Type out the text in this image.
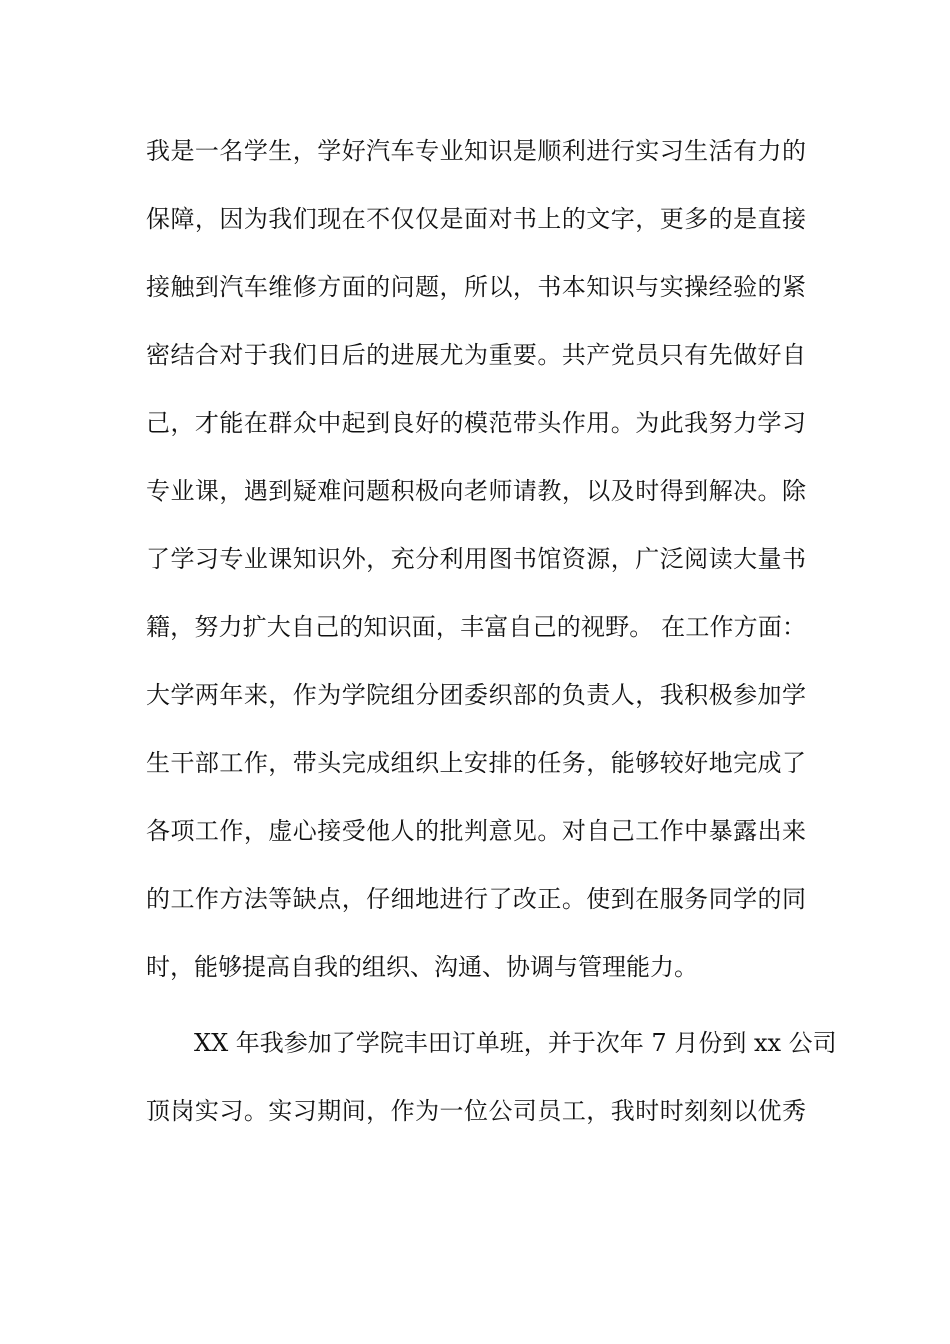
我是一名学生，学好汽车专业知识是顺利进行实习生活有力的
保障，因为我们现在不仅仅是面对书上的文字，更多的是直接
接触到汽车维修方面的问题，所以，书本知识与实操经验的紧
密结合对于我们日后的进展尤为重要。共产党员只有先做好自
己，才能在群众中起到良好的模范带头作用。为此我努力学习
专业课，遇到疑难问题积极向老师请教，以及时得到解决。除
了学习专业课知识外，充分利用图书馆资源，广泛阅读大量书
籍，努力扩大自己的知识面，丰富自己的视野。 在工作方面：
大学两年来，作为学院组分团委织部的负责人，我积极参加学
生干部工作，带头完成组织上安排的任务，能够较好地完成了
各项工作，虚心接受他人的批判意见。对自己工作中暴露出来
的工作方法等缺点，仔细地进行了改正。使到在服务同学的同
时，能够提高自我的组织、沟通、协调与管理能力。
XX 年我参加了学院丰田订单班，并于次年 7 月份到 xx 公司
顶岗实习。实习期间，作为一位公司员工，我时时刻刻以优秀
